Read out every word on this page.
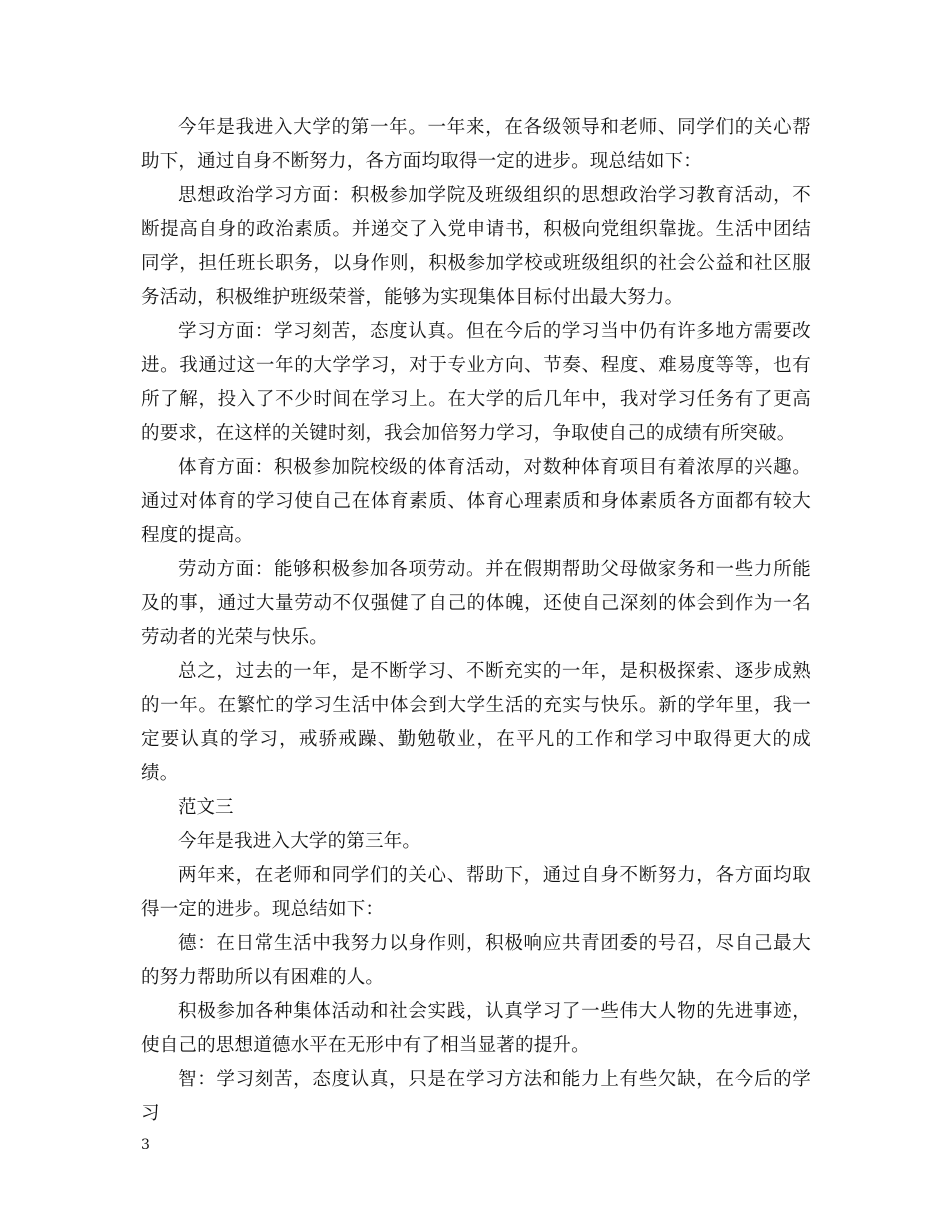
今年是我进入大学的第一年。一年来，在各级领导和老师、同学们的关心帮助下，通过自身不断努力，各方面均取得一定的进步。现总结如下：

思想政治学习方面：积极参加学院及班级组织的思想政治学习教育活动，不断提高自身的政治素质。并递交了入党申请书，积极向党组织靠拢。生活中团结同学，担任班长职务，以身作则，积极参加学校或班级组织的社会公益和社区服务活动，积极维护班级荣誉，能够为实现集体目标付出最大努力。

学习方面：学习刻苦，态度认真。但在今后的学习当中仍有许多地方需要改进。我通过这一年的大学学习，对于专业方向、节奏、程度、难易度等等，也有所了解，投入了不少时间在学习上。在大学的后几年中，我对学习任务有了更高的要求，在这样的关键时刻，我会加倍努力学习，争取使自己的成绩有所突破。

体育方面：积极参加院校级的体育活动，对数种体育项目有着浓厚的兴趣。通过对体育的学习使自己在体育素质、体育心理素质和身体素质各方面都有较大程度的提高。

劳动方面：能够积极参加各项劳动。并在假期帮助父母做家务和一些力所能及的事，通过大量劳动不仅强健了自己的体魄，还使自己深刻的体会到作为一名劳动者的光荣与快乐。

总之，过去的一年，是不断学习、不断充实的一年，是积极探索、逐步成熟的一年。在繁忙的学习生活中体会到大学生活的充实与快乐。新的学年里，我一定要认真的学习，戒骄戒躁、勤勉敬业，在平凡的工作和学习中取得更大的成绩。

范文三

今年是我进入大学的第三年。

两年来，在老师和同学们的关心、帮助下，通过自身不断努力，各方面均取得一定的进步。现总结如下：

德：在日常生活中我努力以身作则，积极响应共青团委的号召，尽自己最大的努力帮助所以有困难的人。

积极参加各种集体活动和社会实践，认真学习了一些伟大人物的先进事迹，使自己的思想道德水平在无形中有了相当显著的提升。

智：学习刻苦，态度认真，只是在学习方法和能力上有些欠缺，在今后的学习

3
